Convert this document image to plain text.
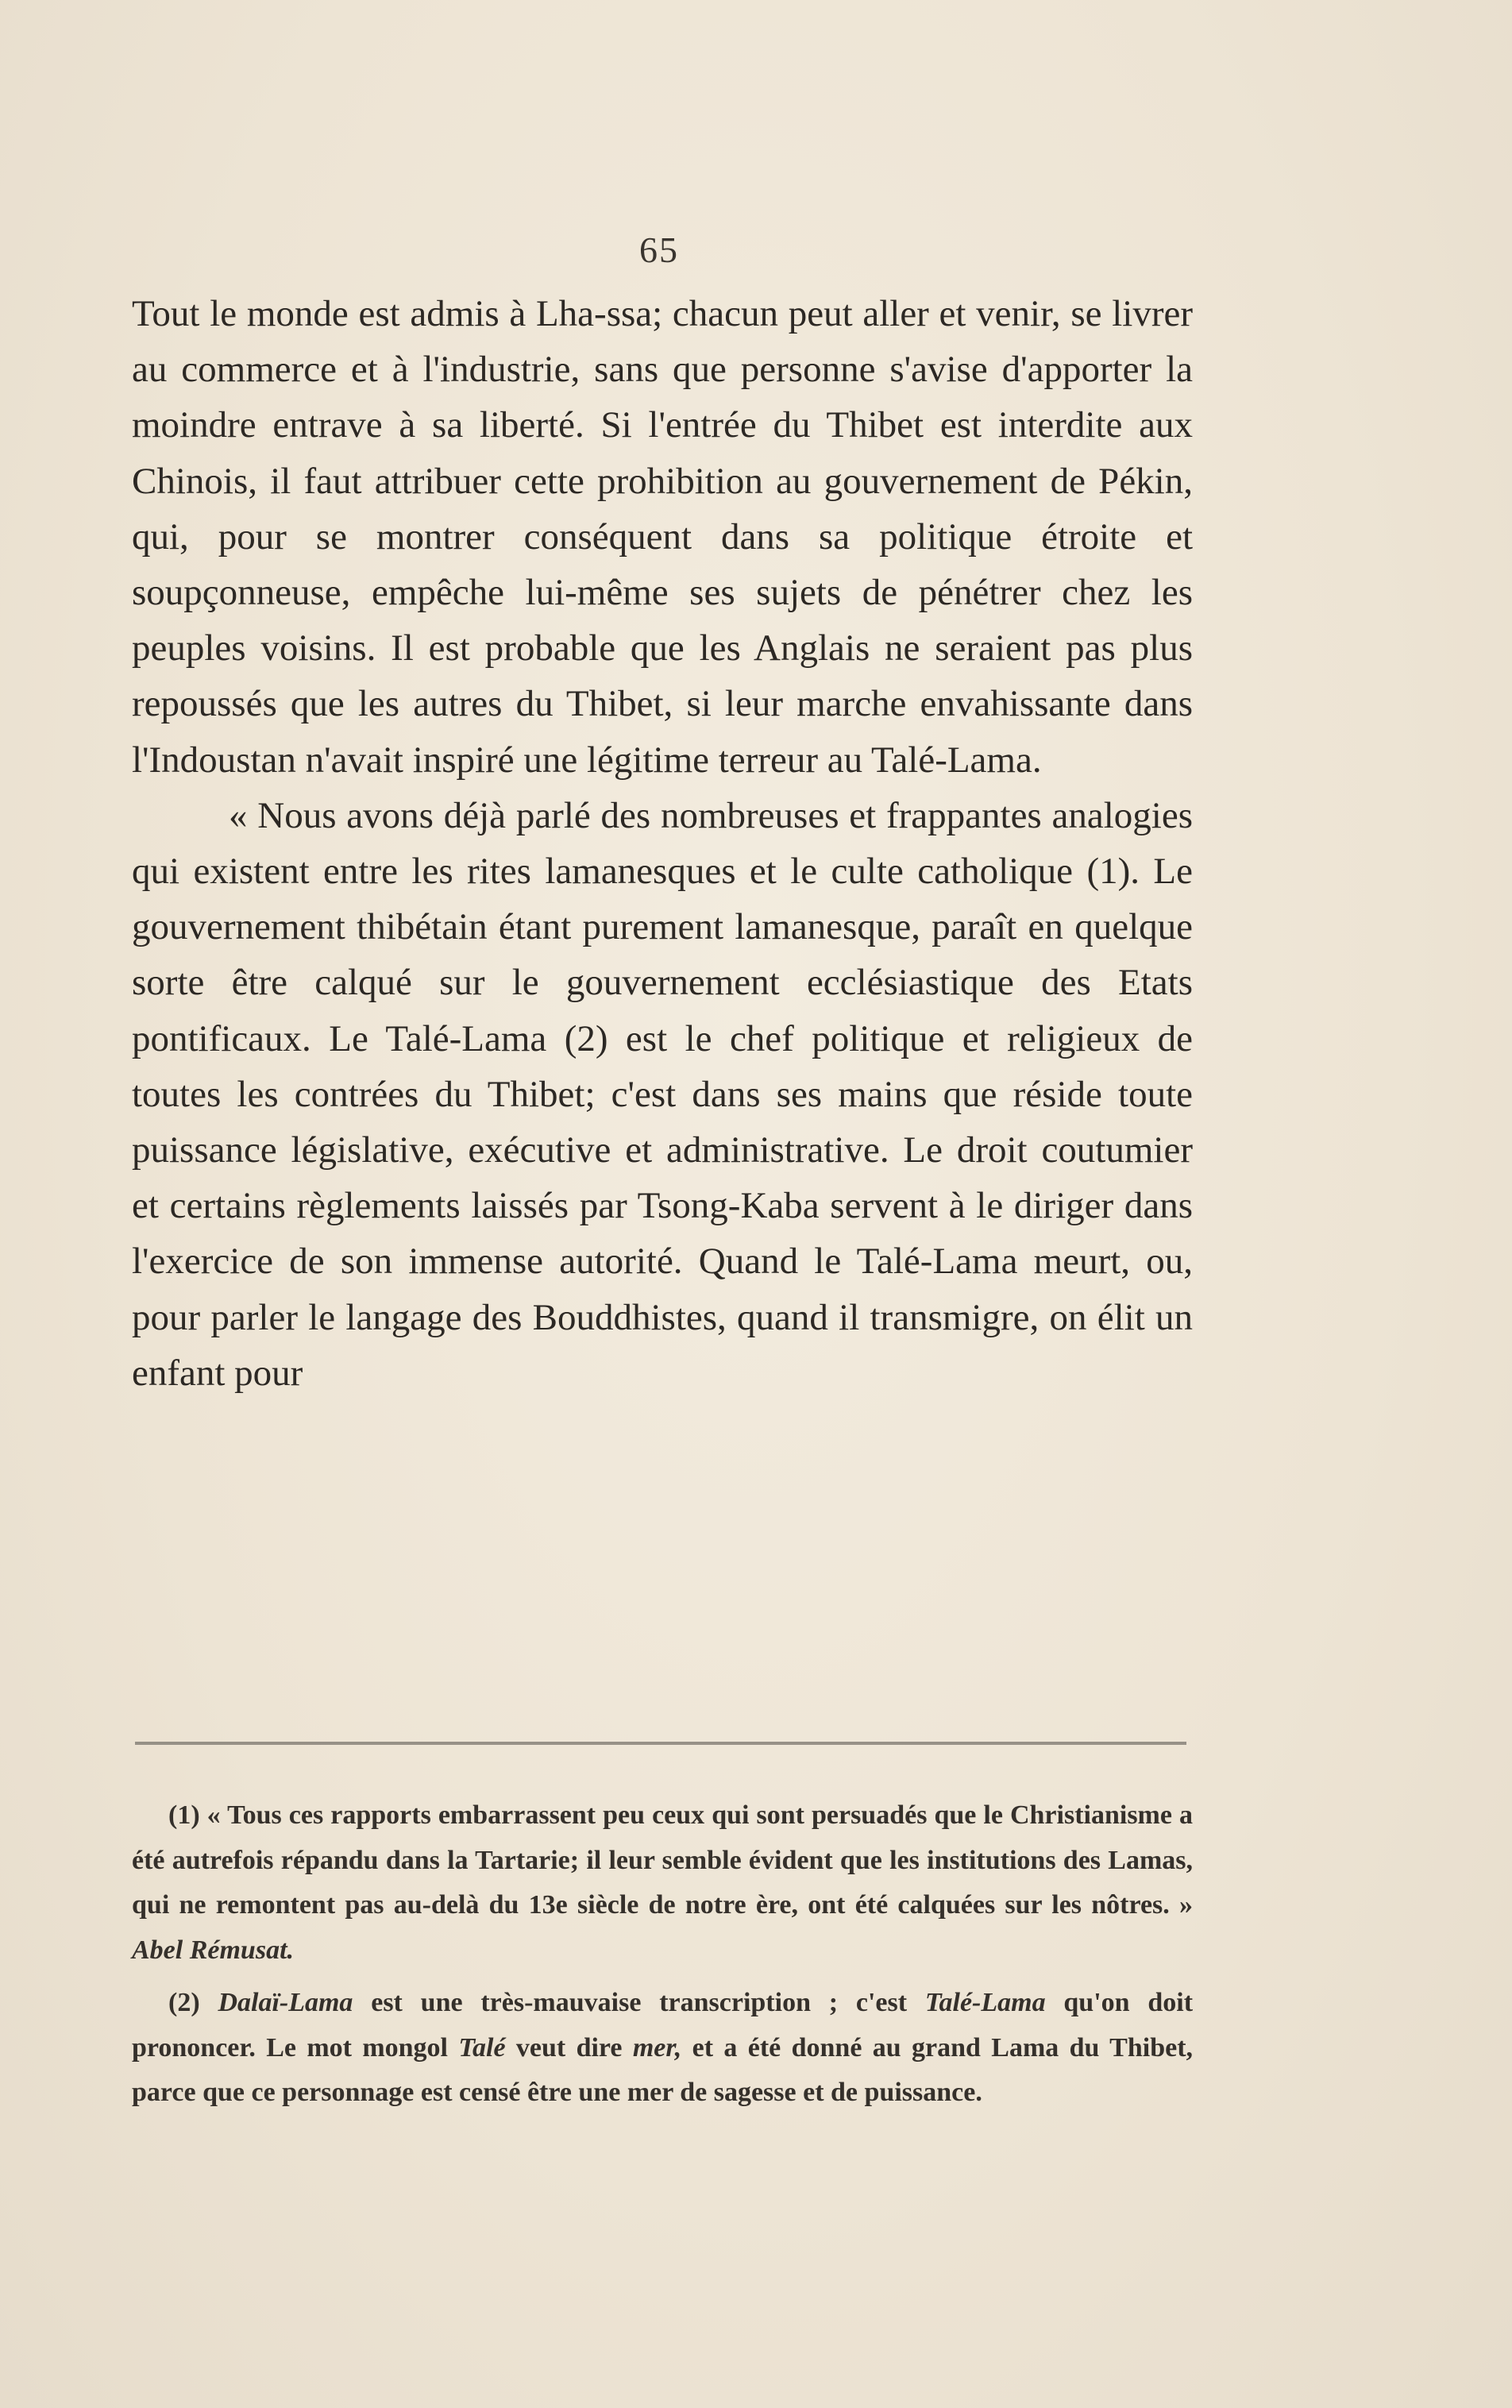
65

Tout le monde est admis à Lha-ssa; chacun peut aller et venir, se livrer au commerce et à l'industrie, sans que personne s'avise d'apporter la moindre entrave à sa liberté. Si l'entrée du Thibet est interdite aux Chinois, il faut attribuer cette prohibition au gouvernement de Pékin, qui, pour se montrer conséquent dans sa politique étroite et soupçonneuse, empêche lui-même ses sujets de pénétrer chez les peuples voisins. Il est probable que les Anglais ne seraient pas plus repoussés que les autres du Thibet, si leur marche envahissante dans l'Indoustan n'avait inspiré une légitime terreur au Talé-Lama.

« Nous avons déjà parlé des nombreuses et frappantes analogies qui existent entre les rites lamanesques et le culte catholique (1). Le gouvernement thibétain étant purement lamanesque, paraît en quelque sorte être calqué sur le gouvernement ecclésiastique des Etats pontificaux. Le Talé-Lama (2) est le chef politique et religieux de toutes les contrées du Thibet; c'est dans ses mains que réside toute puissance législative, exécutive et administrative. Le droit coutumier et certains règlements laissés par Tsong-Kaba servent à le diriger dans l'exercice de son immense autorité. Quand le Talé-Lama meurt, ou, pour parler le langage des Bouddhistes, quand il transmigre, on élit un enfant pour

(1) « Tous ces rapports embarrassent peu ceux qui sont persuadés que le Christianisme a été autrefois répandu dans la Tartarie; il leur semble évident que les institutions des Lamas, qui ne remontent pas au-delà du 13e siècle de notre ère, ont été calquées sur les nôtres. » Abel Rémusat.

(2) Dalaï-Lama est une très-mauvaise transcription ; c'est Talé-Lama qu'on doit prononcer. Le mot mongol Talé veut dire mer, et a été donné au grand Lama du Thibet, parce que ce personnage est censé être une mer de sagesse et de puissance.
